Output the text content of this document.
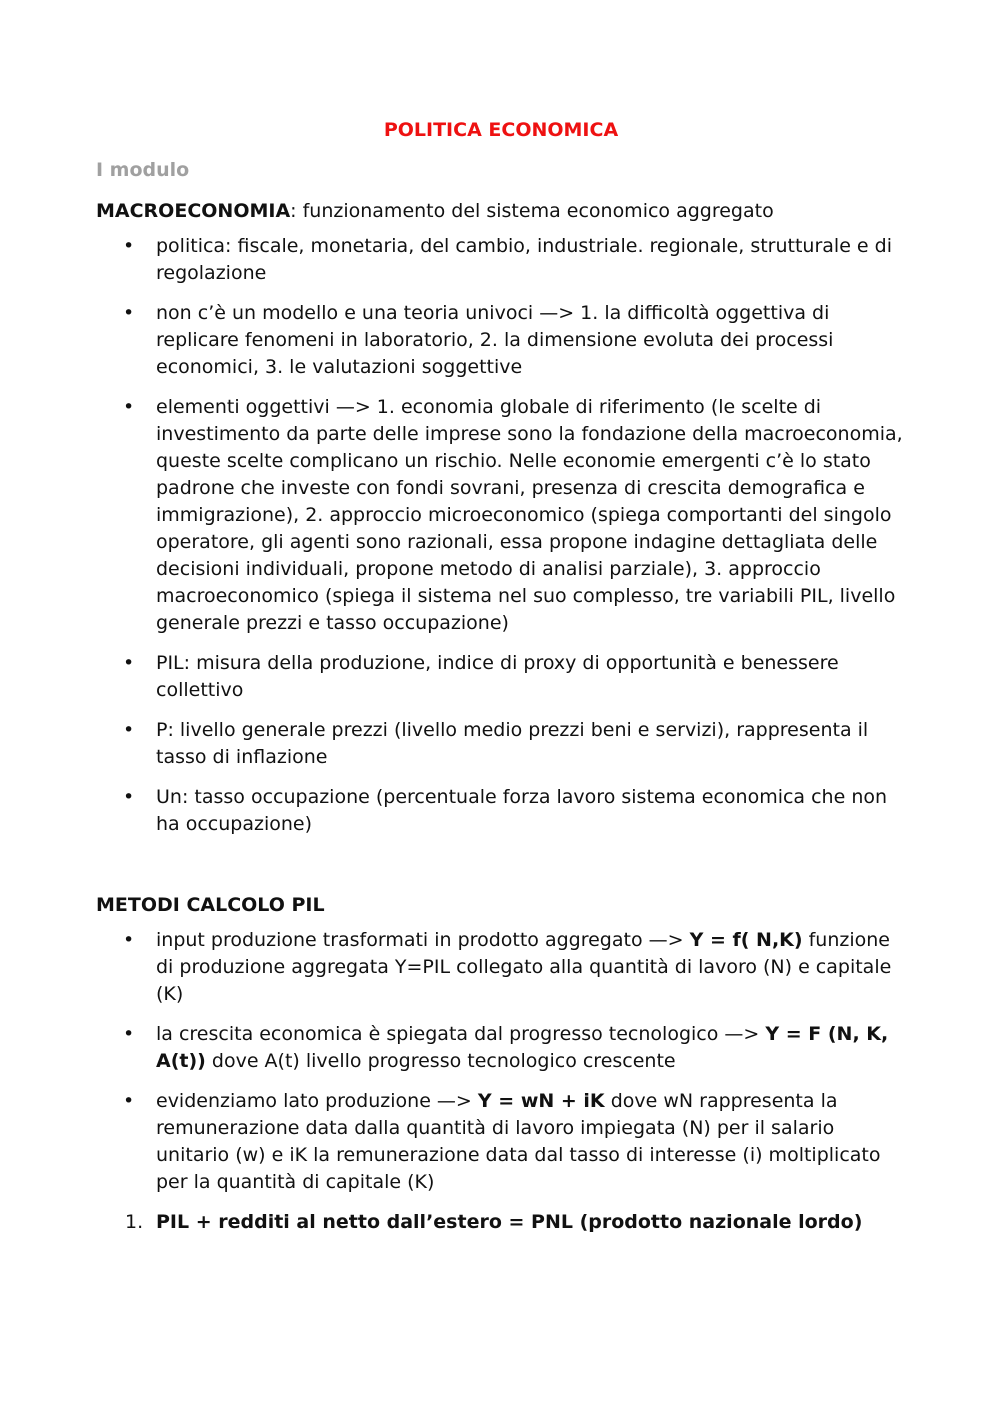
POLITICA ECONOMICA
I modulo
MACROECONOMIA: funzionamento del sistema economico aggregato
• politica: fiscale, monetaria, del cambio, industriale. regionale, strutturale e di regolazione
• non c’è un modello e una teoria univoci —> 1. la difficoltà oggettiva di replicare fenomeni in laboratorio, 2. la dimensione evoluta dei processi economici, 3. le valutazioni soggettive
• elementi oggettivi —> 1. economia globale di riferimento (le scelte di investimento da parte delle imprese sono la fondazione della macroeconomia, queste scelte complicano un rischio. Nelle economie emergenti c’è lo stato padrone che investe con fondi sovrani, presenza di crescita demografica e immigrazione), 2. approccio microeconomico (spiega comportanti del singolo operatore, gli agenti sono razionali, essa propone indagine dettagliata delle decisioni individuali, propone metodo di analisi parziale), 3. approccio macroeconomico (spiega il sistema nel suo complesso, tre variabili PIL, livello generale prezzi e tasso occupazione)
• PIL: misura della produzione, indice di proxy di opportunità e benessere collettivo
• P: livello generale prezzi (livello medio prezzi beni e servizi), rappresenta il tasso di inflazione
• Un: tasso occupazione (percentuale forza lavoro sistema economica che non ha occupazione)
METODI CALCOLO PIL
• input produzione trasformati in prodotto aggregato —> Y = f( N,K) funzione di produzione aggregata Y=PIL collegato alla quantità di lavoro (N) e capitale (K)
• la crescita economica è spiegata dal progresso tecnologico —> Y = F (N, K, A(t)) dove A(t) livello progresso tecnologico crescente
• evidenziamo lato produzione —> Y = wN + iK dove wN rappresenta la remunerazione data dalla quantità di lavoro impiegata (N) per il salario unitario (w) e iK la remunerazione data dal tasso di interesse (i) moltiplicato per la quantità di capitale (K)
1. PIL + redditi al netto dall’estero = PNL (prodotto nazionale lordo)
